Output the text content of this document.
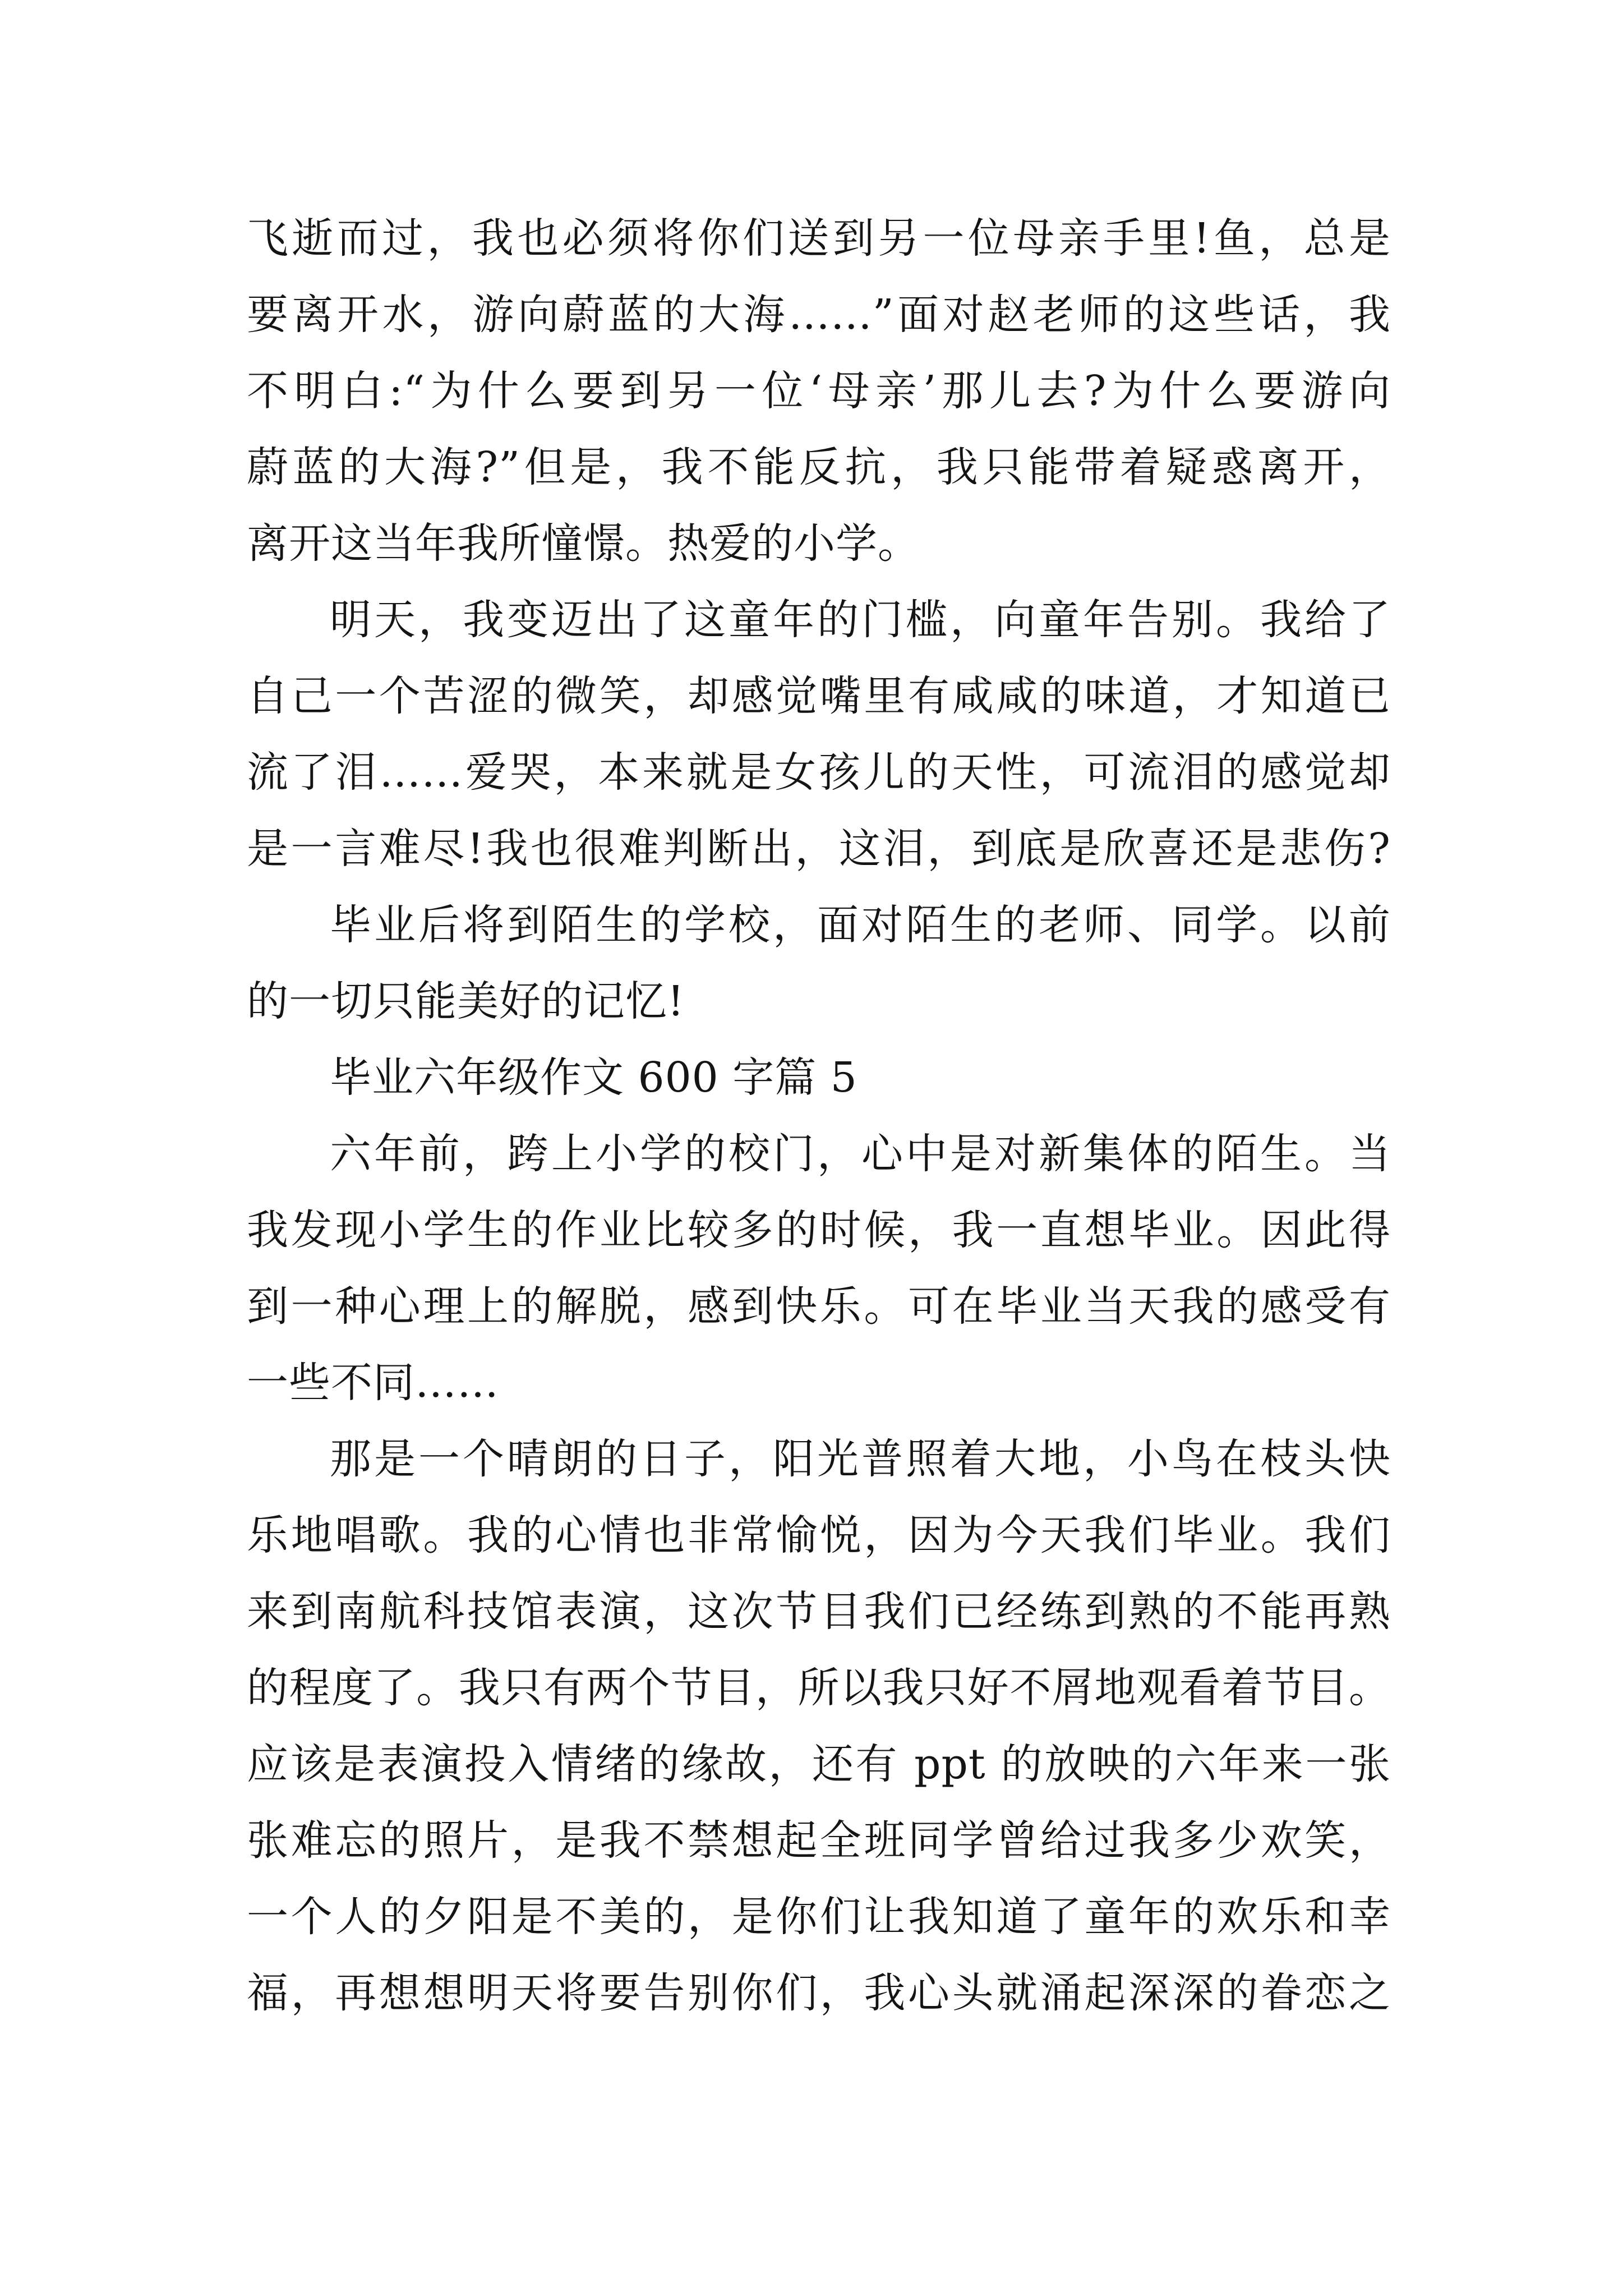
飞逝而过，我也必须将你们送到另一位母亲手里!鱼，总是
要离开水，游向蔚蓝的大海……”面对赵老师的这些话，我
不明白:“为什么要到另一位‘母亲’那儿去?为什么要游向
蔚蓝的大海?”但是，我不能反抗，我只能带着疑惑离开，
离开这当年我所憧憬。热爱的小学。
明天，我变迈出了这童年的门槛，向童年告别。我给了
自己一个苦涩的微笑，却感觉嘴里有咸咸的味道，才知道已
流了泪……爱哭，本来就是女孩儿的天性，可流泪的感觉却
是一言难尽!我也很难判断出，这泪，到底是欣喜还是悲伤?
毕业后将到陌生的学校，面对陌生的老师、同学。以前
的一切只能美好的记忆!
毕业六年级作文 600 字篇 5
六年前，跨上小学的校门，心中是对新集体的陌生。当
我发现小学生的作业比较多的时候，我一直想毕业。因此得
到一种心理上的解脱，感到快乐。可在毕业当天我的感受有
一些不同……
那是一个晴朗的日子，阳光普照着大地，小鸟在枝头快
乐地唱歌。我的心情也非常愉悦，因为今天我们毕业。我们
来到南航科技馆表演，这次节目我们已经练到熟的不能再熟
的程度了。我只有两个节目，所以我只好不屑地观看着节目。
应该是表演投入情绪的缘故，还有 ppt 的放映的六年来一张
张难忘的照片，是我不禁想起全班同学曾给过我多少欢笑，
一个人的夕阳是不美的，是你们让我知道了童年的欢乐和幸
福，再想想明天将要告别你们，我心头就涌起深深的眷恋之
